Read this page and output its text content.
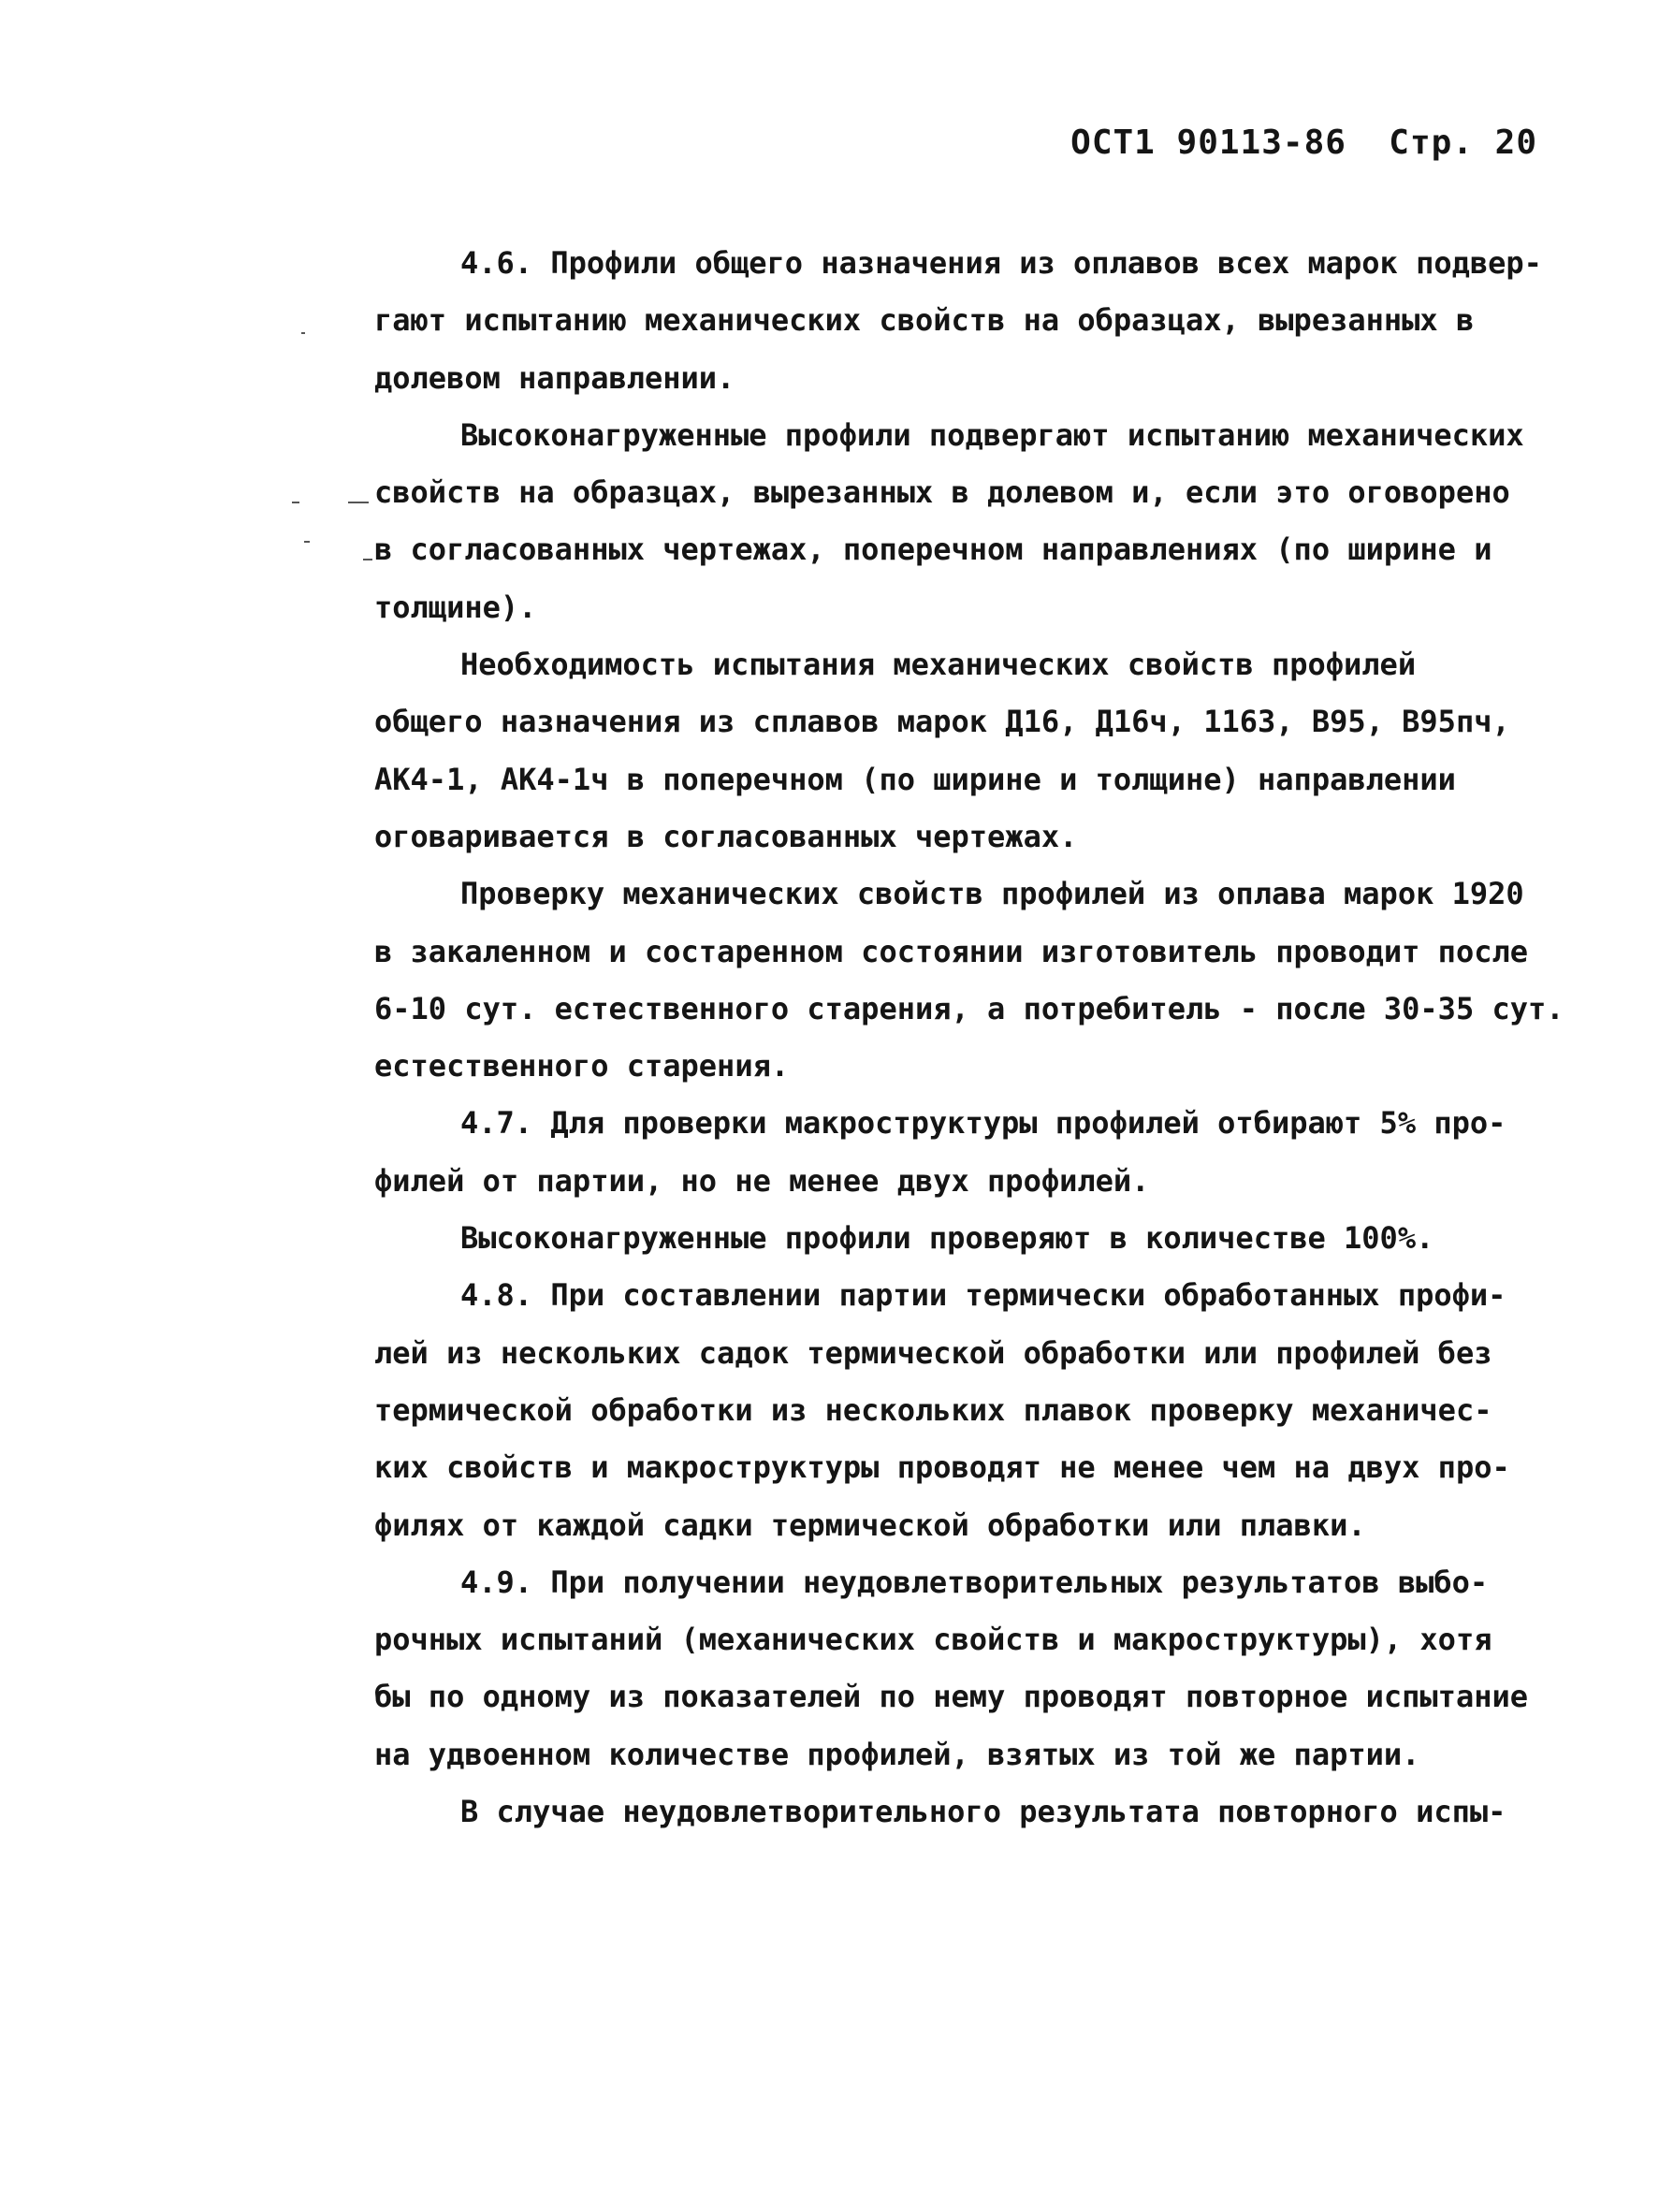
ОСТ1 90113-86 Стр. 20
4.6. Профили общего назначения из оплавов всех марок подвер-
гают испытанию механических свойств на образцах, вырезанных в
долевом направлении.
Высоконагруженные профили подвергают испытанию механических
свойств на образцах, вырезанных в долевом и, если это оговорено
в согласованных чертежах, поперечном направлениях (по ширине и
толщине).
Необходимость испытания механических свойств профилей
общего назначения из сплавов марок Д16, Д16ч, 1163, В95, В95пч,
АК4-1, АК4-1ч в поперечном (по ширине и толщине) направлении
оговаривается в согласованных чертежах.
Проверку механических свойств профилей из оплава марок 1920
в закаленном и состаренном состоянии изготовитель проводит после
6-10 сут. естественного старения, а потребитель - после 30-35 сут.
естественного старения.
4.7. Для проверки макроструктуры профилей отбирают 5% про-
филей от партии, но не менее двух профилей.
Высоконагруженные профили проверяют в количестве 100%.
4.8. При составлении партии термически обработанных профи-
лей из нескольких садок термической обработки или профилей без
термической обработки из нескольких плавок проверку механичес-
ких свойств и макроструктуры проводят не менее чем на двух про-
филях от каждой садки термической обработки или плавки.
4.9. При получении неудовлетворительных результатов выбо-
рочных испытаний (механических свойств и макроструктуры), хотя
бы по одному из показателей по нему проводят повторное испытание
на удвоенном количестве профилей, взятых из той же партии.
В случае неудовлетворительного результата повторного испы-
